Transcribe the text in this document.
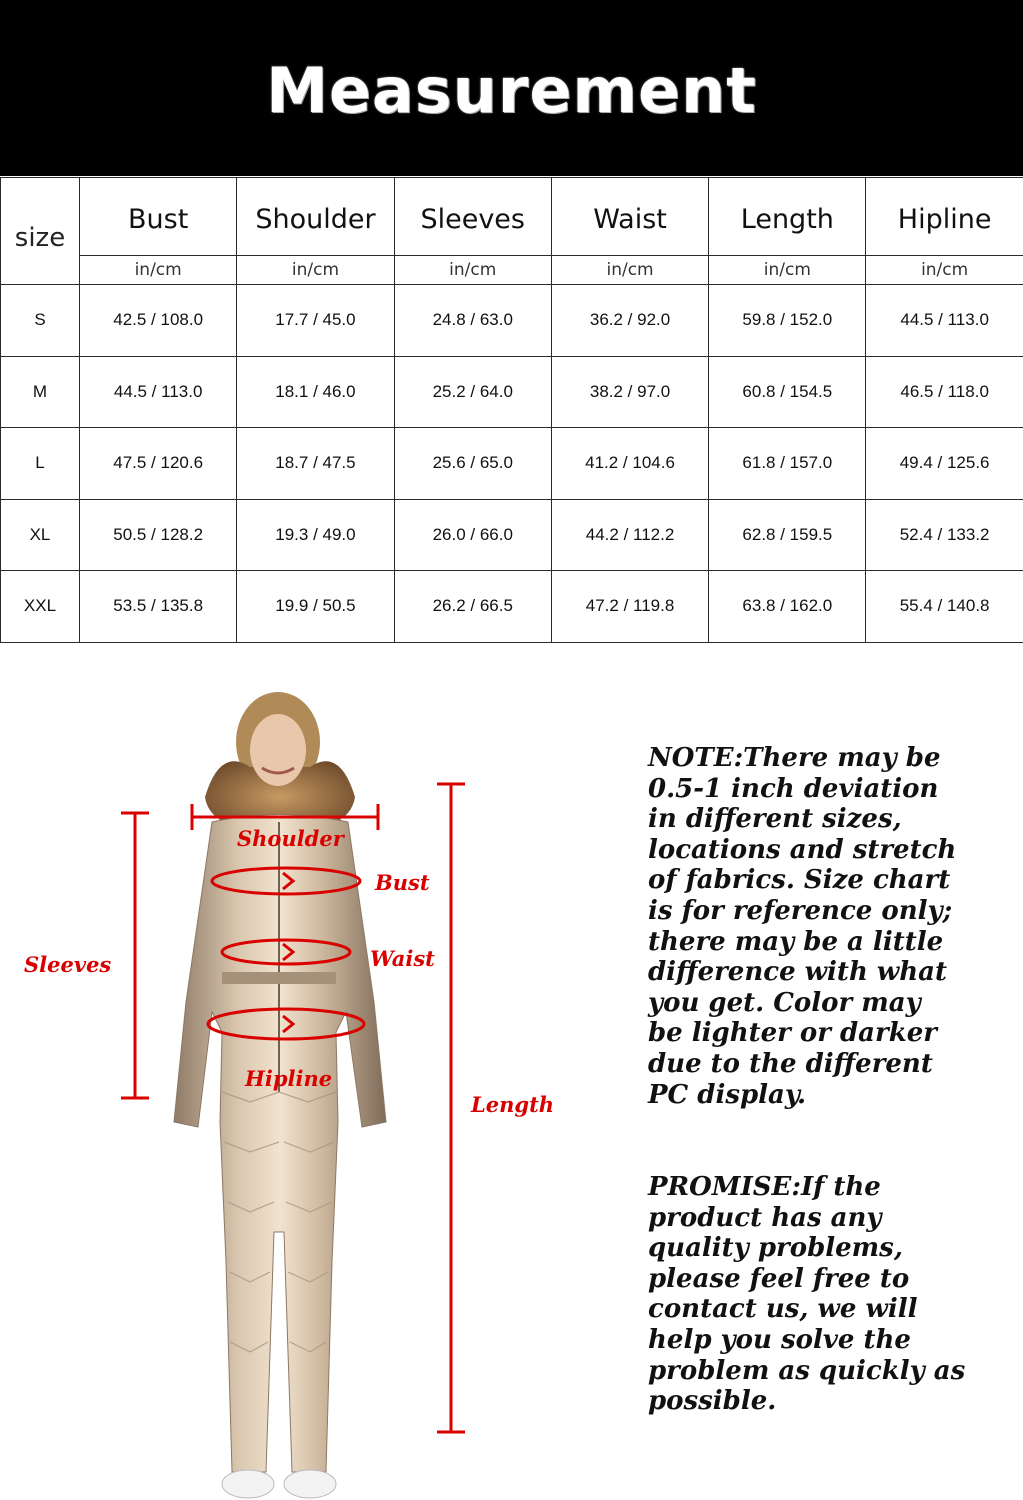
Measurement
size	Bust	Shoulder	Sleeves	Waist	Length	Hipline
	in/cm	in/cm	in/cm	in/cm	in/cm	in/cm
S	42.5 / 108.0	17.7 / 45.0	24.8 / 63.0	36.2 / 92.0	59.8 / 152.0	44.5 / 113.0
M	44.5 / 113.0	18.1 / 46.0	25.2 / 64.0	38.2 / 97.0	60.8 / 154.5	46.5 / 118.0
L	47.5 / 120.6	18.7 / 47.5	25.6 / 65.0	41.2 / 104.6	61.8 / 157.0	49.4 / 125.6
XL	50.5 / 128.2	19.3 / 49.0	26.0 / 66.0	44.2 / 112.2	62.8 / 159.5	52.4 / 133.2
XXL	53.5 / 135.8	19.9 / 50.5	26.2 / 66.5	47.2 / 119.8	63.8 / 162.0	55.4 / 140.8
Shoulder
Bust
Waist
Sleeves
Hipline
Length
NOTE:There may be
0.5-1 inch deviation
in different sizes,
locations and stretch
of fabrics. Size chart
is for reference only;
there may be a little
difference with what
you get. Color may
be lighter or darker
due to the different
PC display.
PROMISE:If the
product has any
quality problems,
please feel free to
contact us, we will
help you solve the
problem as quickly as
possible.
